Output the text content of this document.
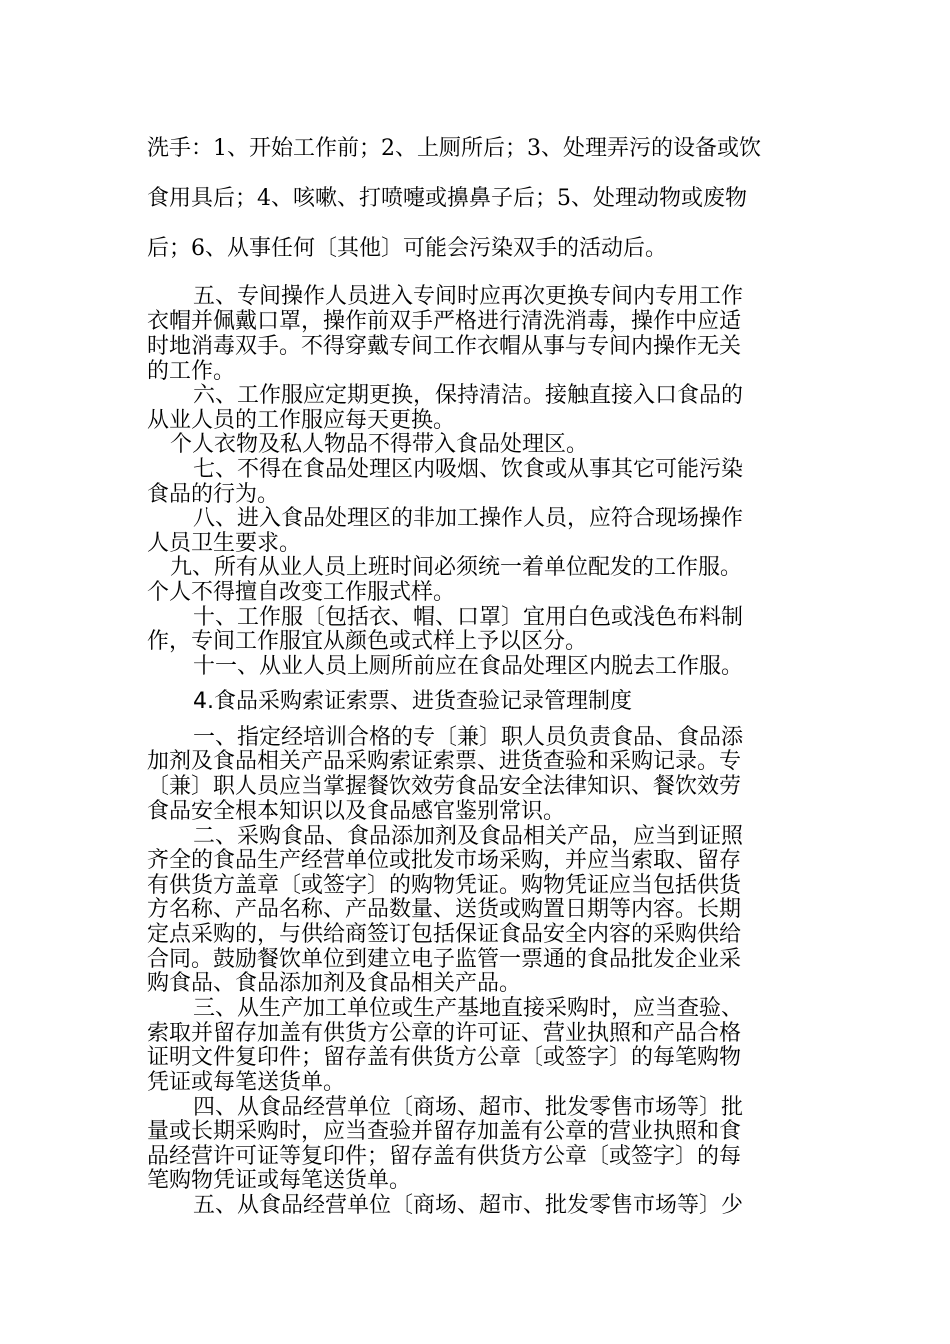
洗手：1、开始工作前；2、上厕所后；3、处理弄污的设备或饮
食用具后；4、咳嗽、打喷嚏或擤鼻子后；5、处理动物或废物
后；6、从事任何〔其他〕可能会污染双手的活动后。
五、专间操作人员进入专间时应再次更换专间内专用工作
衣帽并佩戴口罩，操作前双手严格进行清洗消毒，操作中应适
时地消毒双手。不得穿戴专间工作衣帽从事与专间内操作无关
的工作。
六、工作服应定期更换，保持清洁。接触直接入口食品的
从业人员的工作服应每天更换。
个人衣物及私人物品不得带入食品处理区。
七、不得在食品处理区内吸烟、饮食或从事其它可能污染
食品的行为。
八、进入食品处理区的非加工操作人员，应符合现场操作
人员卫生要求。
九、所有从业人员上班时间必须统一着单位配发的工作服。
个人不得擅自改变工作服式样。
十、工作服〔包括衣、帽、口罩〕宜用白色或浅色布料制
作，专间工作服宜从颜色或式样上予以区分。
十一、从业人员上厕所前应在食品处理区内脱去工作服。
4.食品采购索证索票、进货查验记录管理制度
一、指定经培训合格的专〔兼〕职人员负责食品、食品添
加剂及食品相关产品采购索证索票、进货查验和采购记录。专
〔兼〕职人员应当掌握餐饮效劳食品安全法律知识、餐饮效劳
食品安全根本知识以及食品感官鉴别常识。
二、采购食品、食品添加剂及食品相关产品，应当到证照
齐全的食品生产经营单位或批发市场采购，并应当索取、留存
有供货方盖章〔或签字〕的购物凭证。购物凭证应当包括供货
方名称、产品名称、产品数量、送货或购置日期等内容。长期
定点采购的，与供给商签订包括保证食品安全内容的采购供给
合同。鼓励餐饮单位到建立电子监管一票通的食品批发企业采
购食品、食品添加剂及食品相关产品。
三、从生产加工单位或生产基地直接采购时，应当查验、
索取并留存加盖有供货方公章的许可证、营业执照和产品合格
证明文件复印件；留存盖有供货方公章〔或签字〕的每笔购物
凭证或每笔送货单。
四、从食品经营单位〔商场、超市、批发零售市场等〕批
量或长期采购时，应当查验并留存加盖有公章的营业执照和食
品经营许可证等复印件；留存盖有供货方公章〔或签字〕的每
笔购物凭证或每笔送货单。
五、从食品经营单位〔商场、超市、批发零售市场等〕少
